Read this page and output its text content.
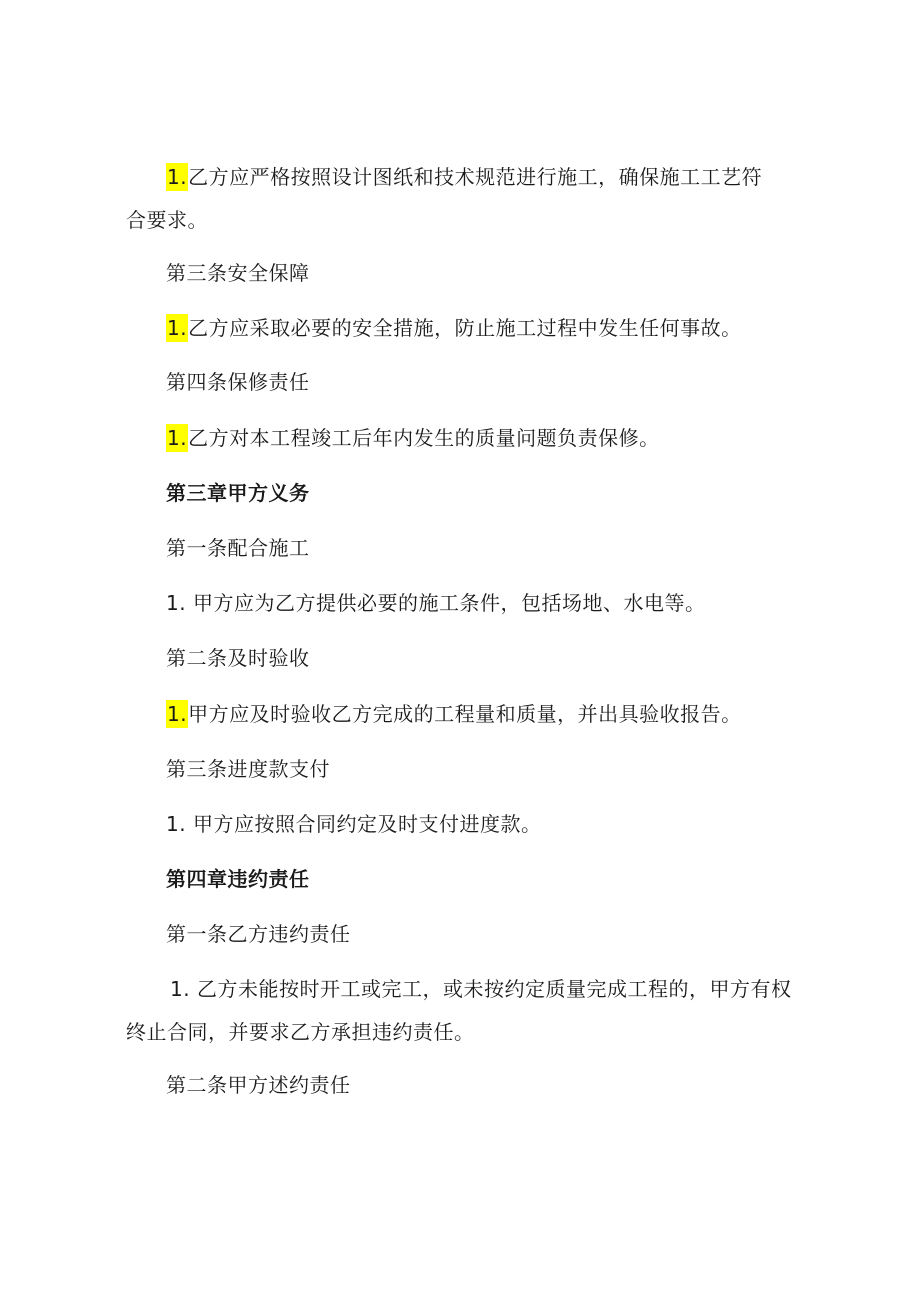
1.乙方应严格按照设计图纸和技术规范进行施工，确保施工工艺符
合要求。
第三条安全保障
1.乙方应采取必要的安全措施，防止施工过程中发生任何事故。
第四条保修责任
1.乙方对本工程竣工后年内发生的质量问题负责保修。
第三章甲方义务
第一条配合施工
1. 甲方应为乙方提供必要的施工条件，包括场地、水电等。
第二条及时验收
1.甲方应及时验收乙方完成的工程量和质量，并出具验收报告。
第三条进度款支付
1. 甲方应按照合同约定及时支付进度款。
第四章违约责任
第一条乙方违约责任
1. 乙方未能按时开工或完工，或未按约定质量完成工程的，甲方有权
终止合同，并要求乙方承担违约责任。
第二条甲方述约责任
